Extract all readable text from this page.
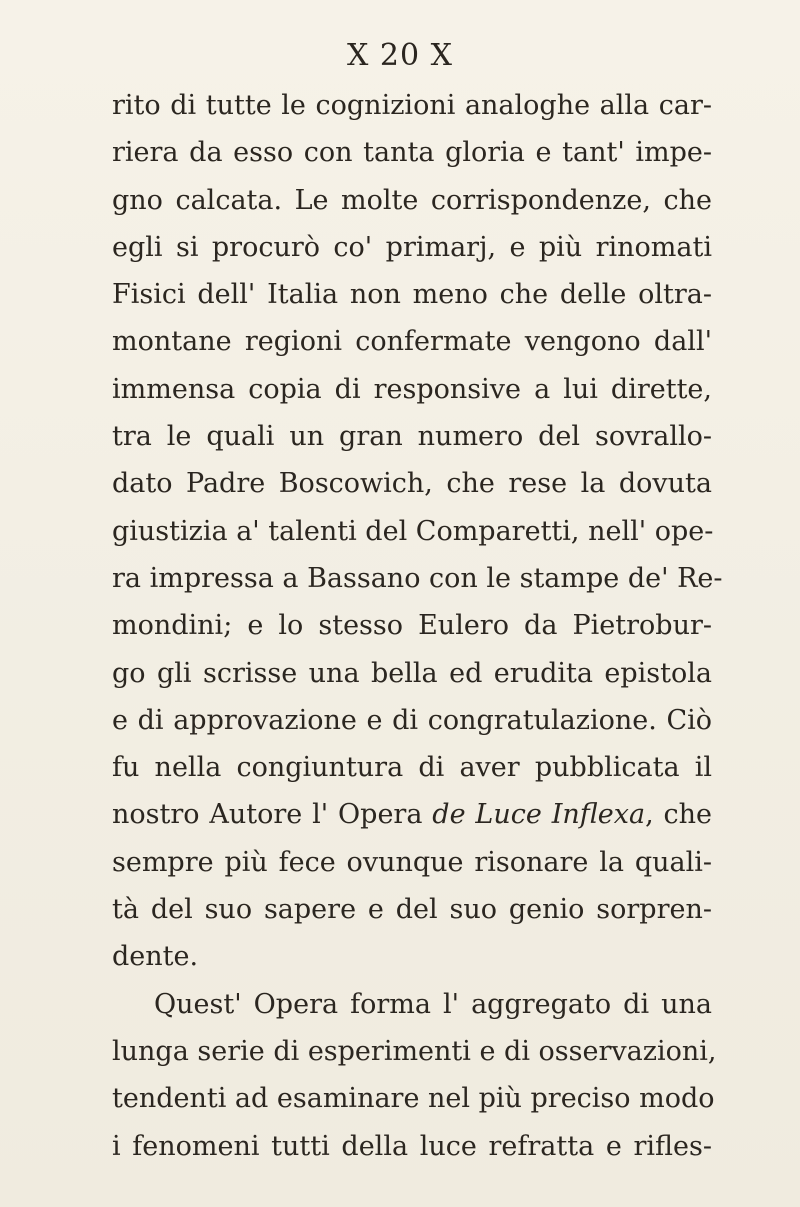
X 20 X
rito di tutte le cognizioni analoghe alla car-
riera da esso con tanta gloria e tant' impe-
gno calcata. Le molte corrispondenze, che
egli si procurò co' primarj, e più rinomati
Fisici dell' Italia non meno che delle oltra-
montane regioni confermate vengono dall'
immensa copia di responsive a lui dirette,
tra le quali un gran numero del sovrallo-
dato Padre Boscowich, che rese la dovuta
giustizia a' talenti del Comparetti, nell' ope-
ra impressa a Bassano con le stampe de' Re-
mondini; e lo stesso Eulero da Pietrobur-
go gli scrisse una bella ed erudita epistola
e di approvazione e di congratulazione. Ciò
fu nella congiuntura di aver pubblicata il
nostro Autore l' Opera de Luce Inflexa, che
sempre più fece ovunque risonare la quali-
tà del suo sapere e del suo genio sorpren-
dente.
Quest' Opera forma l' aggregato di una
lunga serie di esperimenti e di osservazioni,
tendenti ad esaminare nel più preciso modo
i fenomeni tutti della luce refratta e rifles-
